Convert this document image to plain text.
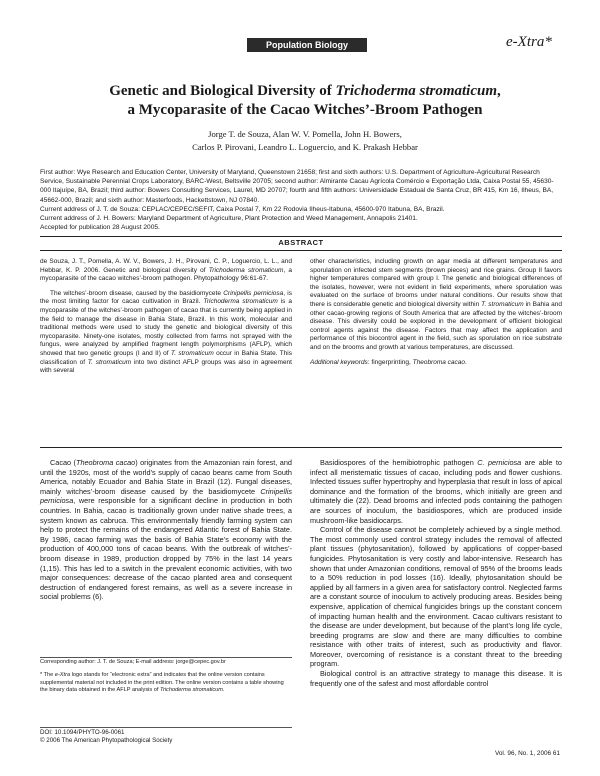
Population Biology	e-Xtra*
Genetic and Biological Diversity of Trichoderma stromaticum,
a Mycoparasite of the Cacao Witches’-Broom Pathogen
Jorge T. de Souza, Alan W. V. Pomella, John H. Bowers,
Carlos P. Pirovani, Leandro L. Loguercio, and K. Prakash Hebbar

First author: Wye Research and Education Center, University of Maryland, Queenstown 21658; first and sixth authors: U.S. Department of Agriculture-Agricultural Research Service, Sustainable Perennial Crops Laboratory, BARC-West, Beltsville 20705; second author: Almirante Cacau Agrícola Comércio e Exportação Ltda, Caixa Postal 55, 45630-000 Itajuípe, BA, Brazil; third author: Bowers Consulting Services, Laurel, MD 20707; fourth and fifth authors: Universidade Estadual de Santa Cruz, BR 415, Km 16, Ilheus, BA, 45662-000, Brazil; and sixth author: Masterfoods, Hackettstown, NJ 07840.

Current address of J. T. de Souza: CEPLAC/CEPEC/SEFIT, Caixa Postal 7, Km 22 Rodovia Ilheus-Itabuna, 45600-970 Itabuna, BA, Brazil.

Current address of J. H. Bowers: Maryland Department of Agriculture, Plant Protection and Weed Management, Annapolis 21401.

Accepted for publication 28 August 2005.

ABSTRACT

de Souza, J. T., Pomella, A. W. V., Bowers, J. H., Pirovani, C. P., Loguercio, L. L., and Hebbar, K. P. 2006. Genetic and biological diversity of Trichoderma stromaticum, a mycoparasite of the cacao witches’-broom pathogen. Phytopathology 96:61-67.

The witches’-broom disease, caused by the basidiomycete Crinipellis perniciosa, is the most limiting factor for cacao cultivation in Brazil. Trichoderma stromaticum is a mycoparasite of the witches’-broom pathogen of cacao that is currently being applied in the field to manage the disease in Bahia State, Brazil. In this work, molecular and traditional methods were used to study the genetic and biological diversity of this mycoparasite. Ninety-one isolates, mostly collected from farms not sprayed with the fungus, were analyzed by amplified fragment length polymorphisms (AFLP), which showed that two genetic groups (I and II) of T. stromaticum occur in Bahia State. This classification of T. stromaticum into two distinct AFLP groups was also in agreement with several

other characteristics, including growth on agar media at different temperatures and sporulation on infected stem segments (brown pieces) and rice grains. Group II favors higher temperatures compared with group I. The genetic and biological differences of the isolates, however, were not evident in field experiments, where sporulation was evaluated on the surface of brooms under natural conditions. Our results show that there is considerable genetic and biological diversity within T. stromaticum in Bahia and other cacao-growing regions of South America that are affected by the witches’-broom disease. This diversity could be explored in the development of efficient biological control agents against the disease. Factors that may affect the application and performance of this biocontrol agent in the field, such as sporulation on rice substrate and on the brooms and growth at various temperatures, are discussed.

Additional keywords: fingerprinting, Theobroma cacao.

Cacao (Theobroma cacao) originates from the Amazonian rain forest, and until the 1920s, most of the world’s supply of cacao beans came from South America, notably Ecuador and Bahia State in Brazil (12). Fungal diseases, mainly witches’-broom disease caused by the basidiomycete Crinipellis perniciosa, were responsible for a significant decline in production in both countries. In Bahia, cacao is traditionally grown under native shade trees, a system known as cabruca. This environmentally friendly farming system can help to protect the remains of the endangered Atlantic forest of Bahia State. By 1986, cacao farming was the basis of Bahia State’s economy with the production of 400,000 tons of cacao beans. With the outbreak of witches’-broom disease in 1989, production dropped by 75% in the last 14 years (1,15). This has led to a switch in the prevalent economic activities, with two major consequences: decrease of the cacao planted area and consequent destruction of endangered forest remains, as well as a severe increase in social problems (6).

Corresponding author: J. T. de Souza; E-mail address: jorge@cepec.gov.br

* The e-Xtra logo stands for “electronic extra” and indicates that the online version contains supplemental material not included in the print edition. The online version contains a table showing the binary data obtained in the AFLP analysis of Trichoderma stromaticum.

DOI: 10.1094/PHYTO-96-0061
© 2006 The American Phytopathological Society

Basidiospores of the hemibiotrophic pathogen C. perniciosa are able to infect all meristematic tissues of cacao, including pods and flower cushions. Infected tissues suffer hypertrophy and hyperplasia that result in loss of apical dominance and the formation of the brooms, which initially are green and ultimately die (22). Dead brooms and infected pods containing the pathogen are sources of inoculum, the basidiospores, which are produced inside mushroom-like basidiocarps.

Control of the disease cannot be completely achieved by a single method. The most commonly used control strategy includes the removal of affected plant tissues (phytosanitation), followed by applications of copper-based fungicides. Phytosanitation is very costly and labor-intensive. Research has shown that under Amazonian conditions, removal of 95% of the brooms leads to a 50% reduction in pod losses (16). Ideally, phytosanitation should be applied by all farmers in a given area for satisfactory control. Neglected farms are a constant source of inoculum to actively producing areas. Besides being expensive, application of chemical fungicides brings up the constant concern of impacting human health and the environment. Cacao cultivars resistant to the disease are under development, but because of the plant’s long life cycle, breeding programs are slow and there are many difficulties to combine resistance with other traits of interest, such as productivity and flavor. Moreover, overcoming of resistance is a constant threat to the breeding program.

Biological control is an attractive strategy to manage this disease. It is frequently one of the safest and most affordable control

Vol. 96, No. 1, 2006 61
